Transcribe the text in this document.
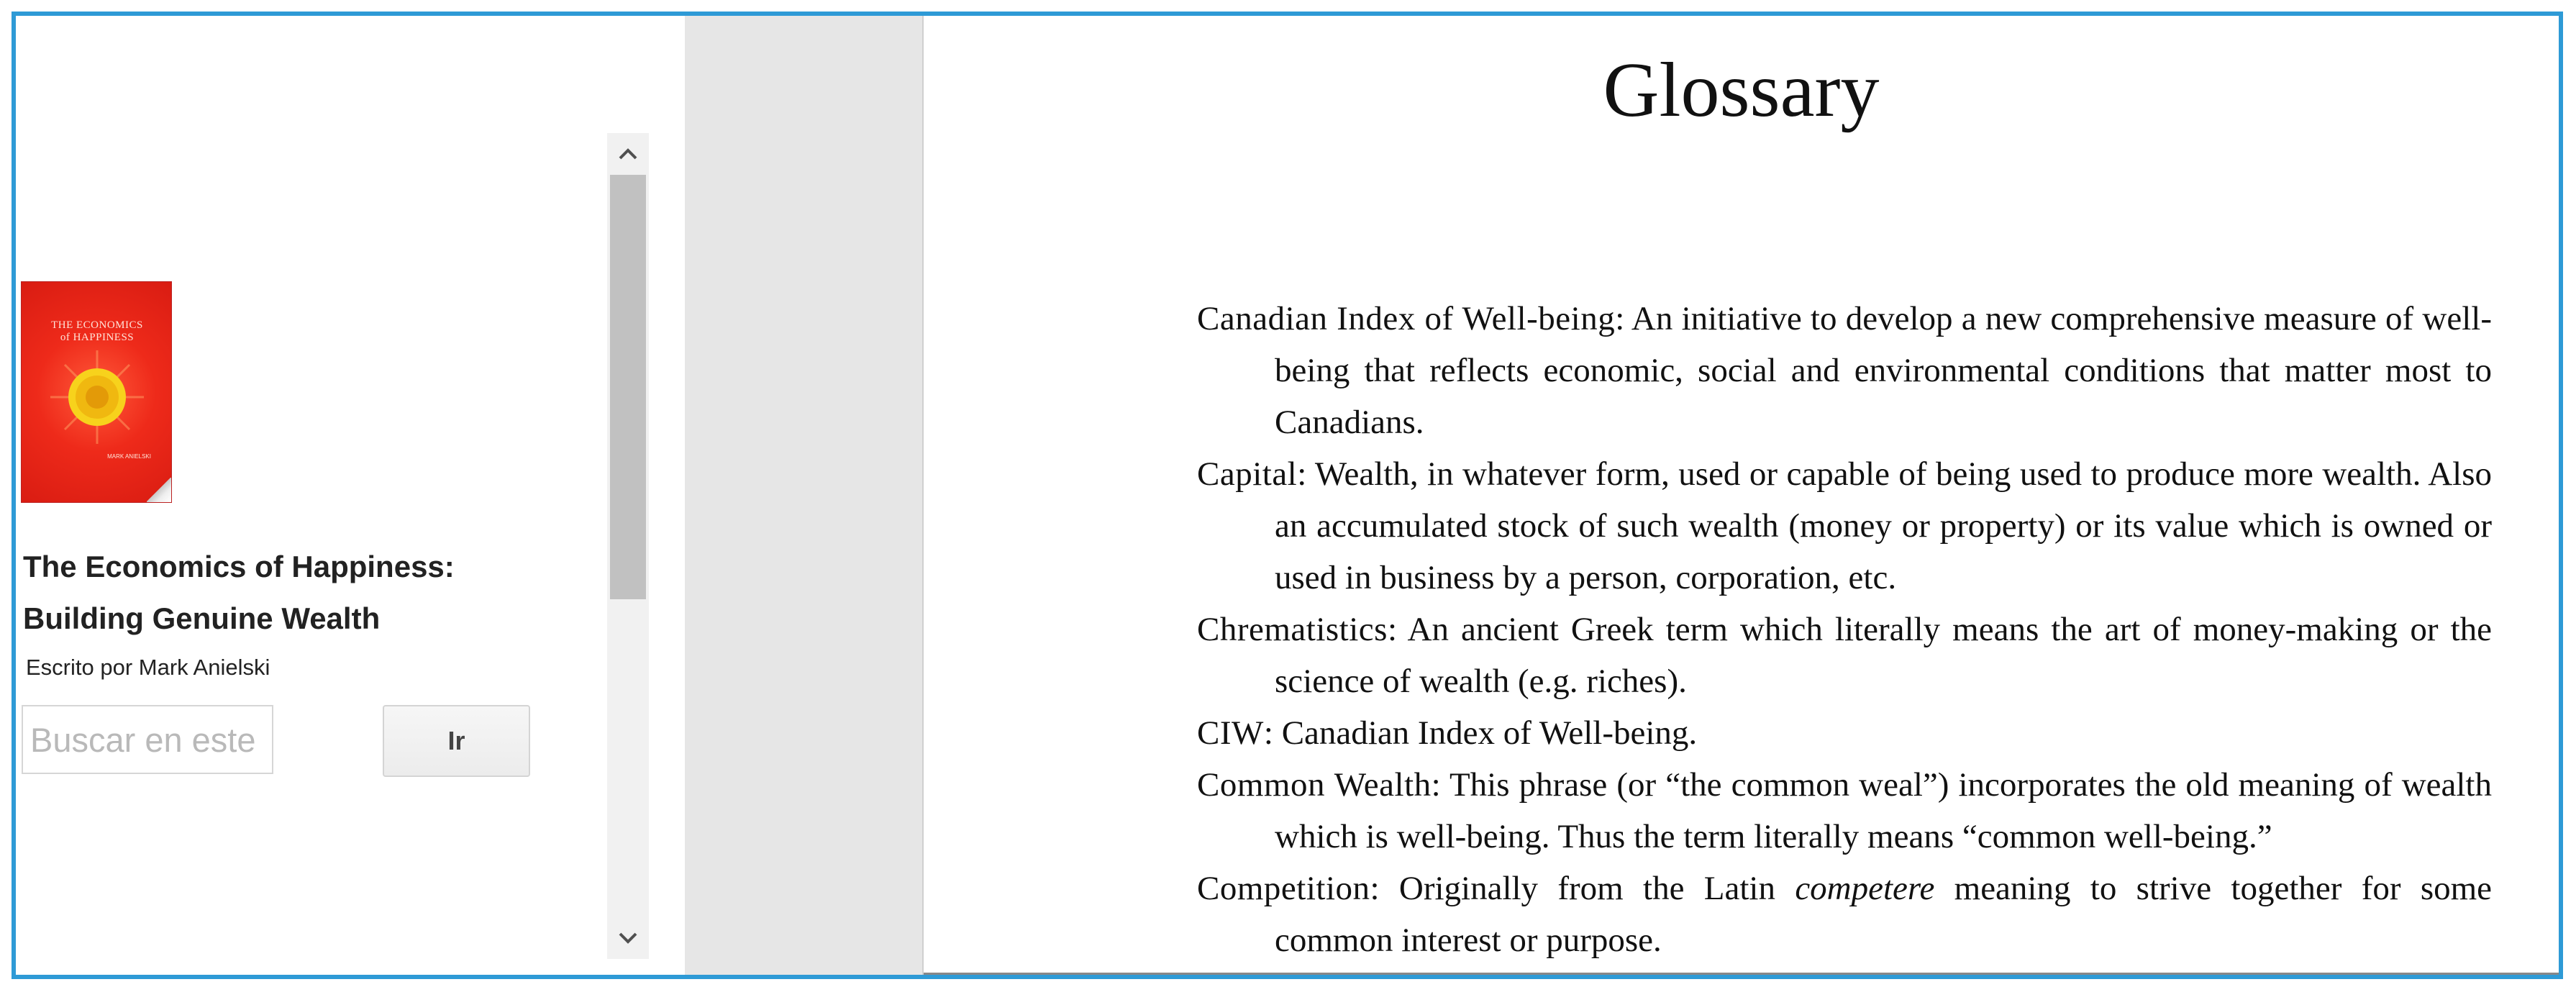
THE ECONOMICS
of HAPPINESS
MARK ANIELSKI
The Economics of Happiness:
Building Genuine Wealth
Escrito por Mark Anielski
Buscar en este libro
Ir
Glossary

Canadian Index of Well-being: An initiative to develop a new comprehensive measure of well-being that reflects economic, social and environmental conditions that matter most to Canadians.

Capital: Wealth, in whatever form, used or capable of being used to produce more wealth. Also an accumulated stock of such wealth (money or property) or its value which is owned or used in business by a person, corporation, etc.

Chrematistics: An ancient Greek term which literally means the art of money-making or the science of wealth (e.g. riches).

CIW: Canadian Index of Well-being.

Common Wealth: This phrase (or “the common weal”) incorporates the old meaning of wealth which is well-being. Thus the term literally means “common well-being.”

Competition: Originally from the Latin competere meaning to strive together for some common interest or purpose.
